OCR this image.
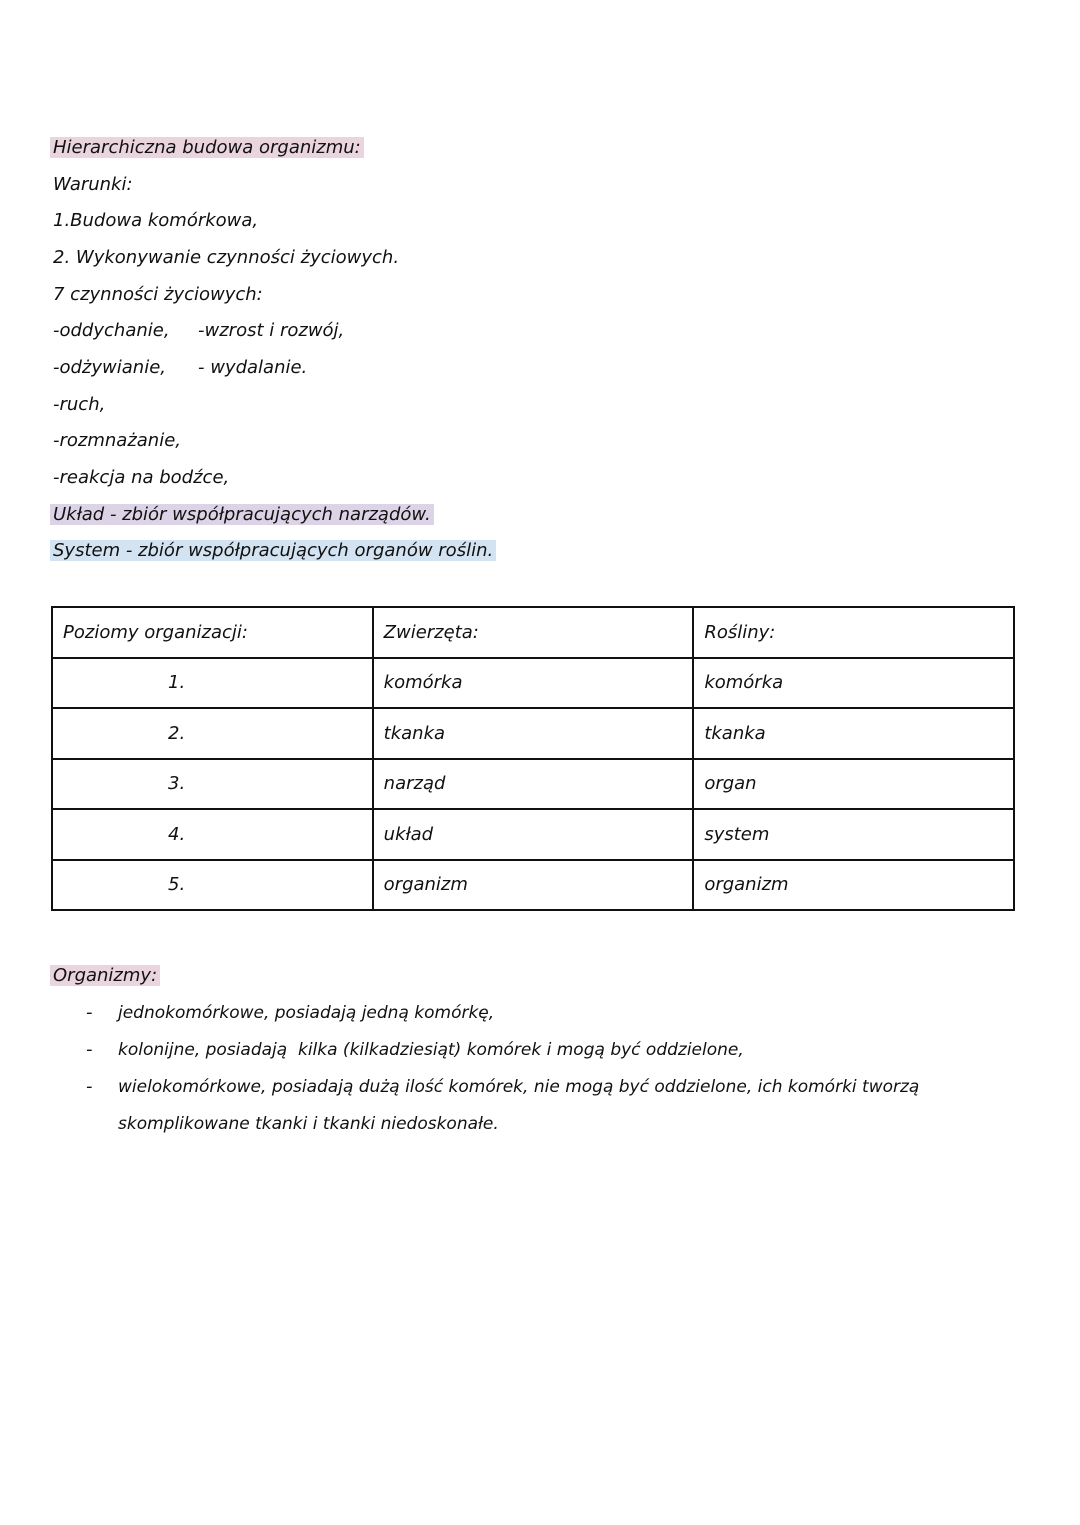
Hierarchiczna budowa organizmu:
Warunki:
1.Budowa komórkowa,
2. Wykonywanie czynności życiowych.
7 czynności życiowych:
-oddychanie,
-odżywianie,
-ruch,
-rozmnażanie,
-reakcja na bodźce,
-wzrost i rozwój,
- wydalanie.
Układ - zbiór współpracujących narządów.
System - zbiór współpracujących organów roślin.
Poziomy organizacji:	Zwierzęta:	Rośliny:
1.	komórka	komórka
2.	tkanka	tkanka
3.	narząd	organ
4.	układ	system
5.	organizm	organizm
Organizmy:
- jednokomórkowe, posiadają jedną komórkę,
- kolonijne, posiadają  kilka (kilkadziesiąt) komórek i mogą być oddzielone,
- wielokomórkowe, posiadają dużą ilość komórek, nie mogą być oddzielone, ich komórki tworzą
skomplikowane tkanki i tkanki niedoskonałe.
